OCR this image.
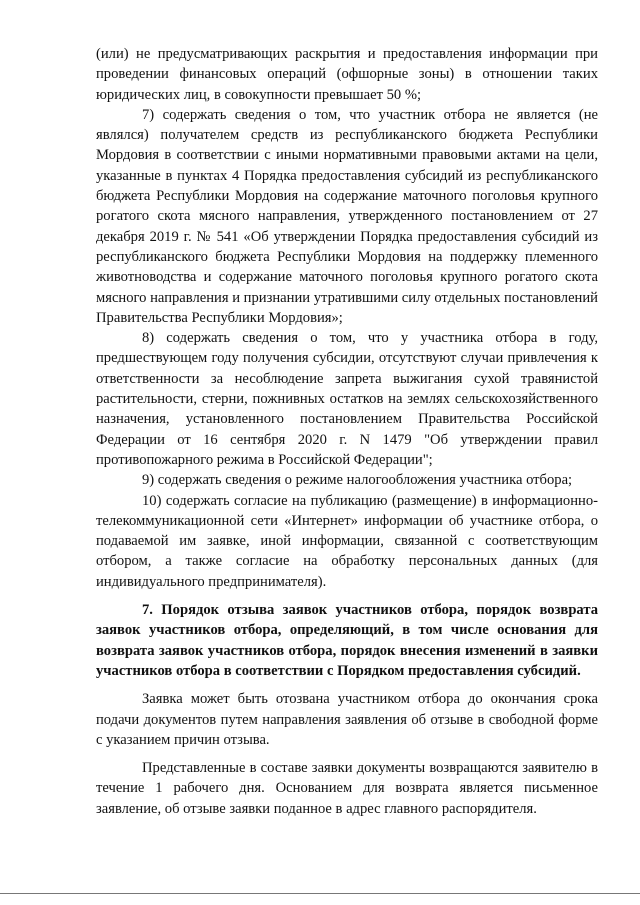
(или) не предусматривающих раскрытия и предоставления информации при проведении финансовых операций (офшорные зоны) в отношении таких юридических лиц, в совокупности превышает 50 %;

7) содержать сведения о том, что участник отбора не является (не являлся) получателем средств из республиканского бюджета Республики Мордовия в соответствии с иными нормативными правовыми актами на цели, указанные в пунктах 4 Порядка предоставления субсидий из республиканского бюджета Республики Мордовия на содержание маточного поголовья крупного рогатого скота мясного направления, утвержденного постановлением от 27 декабря 2019 г. № 541 «Об утверждении Порядка предоставления субсидий из республиканского бюджета Республики Мордовия на поддержку племенного животноводства и содержание маточного поголовья крупного рогатого скота мясного направления и признании утратившими силу отдельных постановлений Правительства Республики Мордовия»;

8) содержать сведения о том, что у участника отбора в году, предшествующем году получения субсидии, отсутствуют случаи привлечения к ответственности за несоблюдение запрета выжигания сухой травянистой растительности, стерни, пожнивных остатков на землях сельскохозяйственного назначения, установленного постановлением Правительства Российской Федерации от 16 сентября 2020 г. N 1479 "Об утверждении правил противопожарного режима в Российской Федерации";

9) содержать сведения о режиме налогообложения участника отбора;

10) содержать согласие на публикацию (размещение) в информационно-телекоммуникационной сети «Интернет» информации об участнике отбора, о подаваемой им заявке, иной информации, связанной с соответствующим отбором, а также согласие на обработку персональных данных (для индивидуального предпринимателя).

7. Порядок отзыва заявок участников отбора, порядок возврата заявок участников отбора, определяющий, в том числе основания для возврата заявок участников отбора, порядок внесения изменений в заявки участников отбора в соответствии с Порядком предоставления субсидий.

Заявка может быть отозвана участником отбора до окончания срока подачи документов путем направления заявления об отзыве в свободной форме с указанием причин отзыва.

Представленные в составе заявки документы возвращаются заявителю в течение 1 рабочего дня. Основанием для возврата является письменное заявление, об отзыве заявки поданное в адрес главного распорядителя.
